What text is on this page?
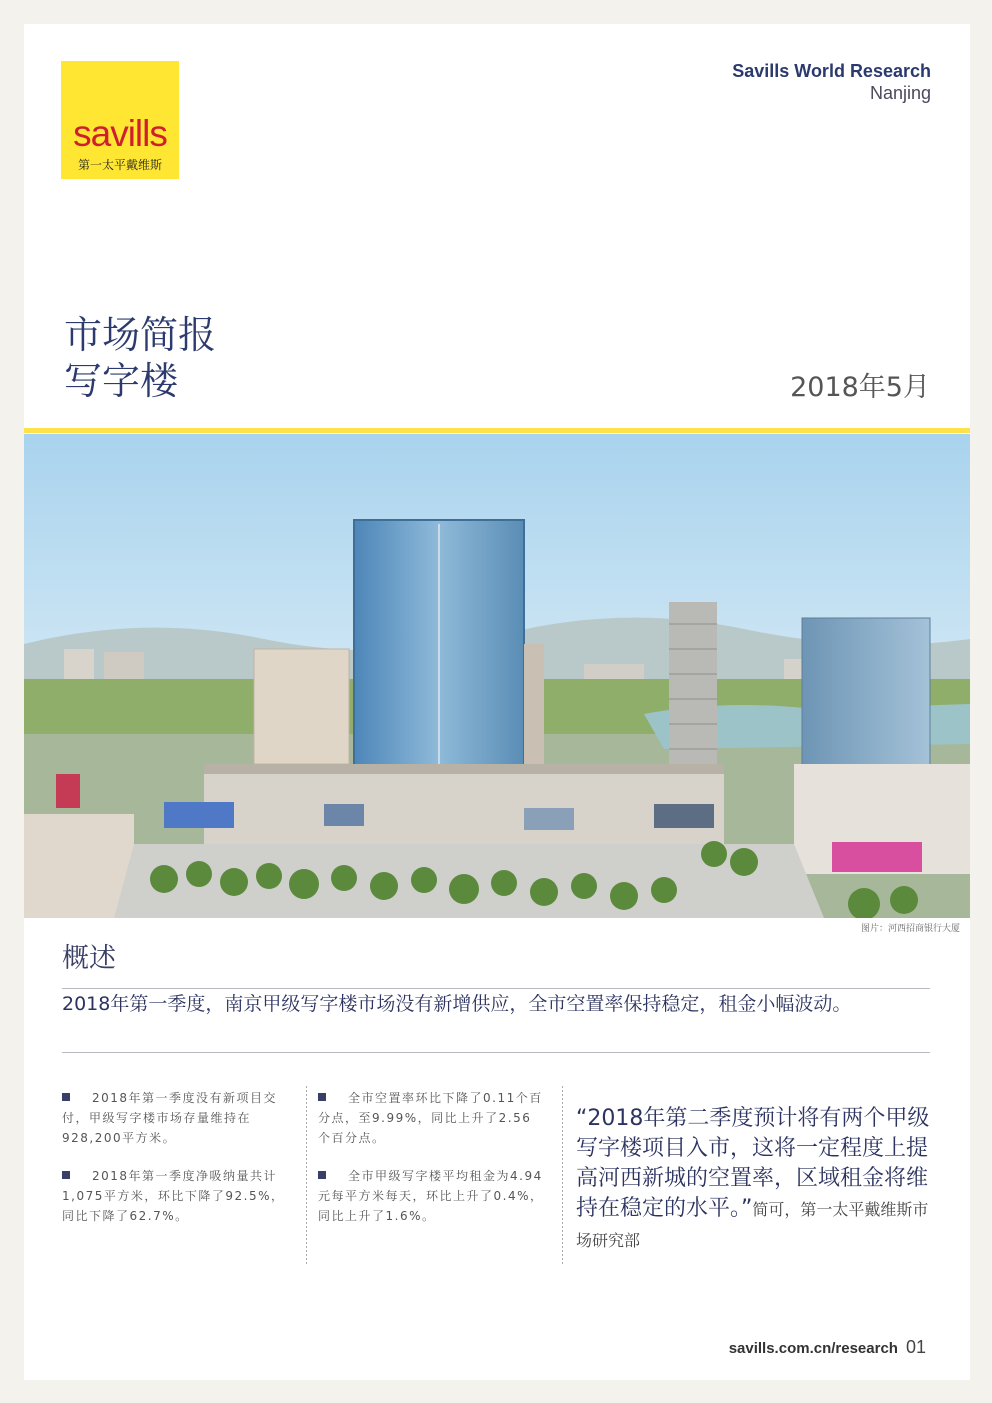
savills
第一太平戴维斯
Savills World Research
Nanjing
市场简报
写字楼	2018年5月
图片：河西招商银行大厦
概述
2018年第一季度，南京甲级写字楼市场没有新增供应，全市空置率保持稳定，租金小幅波动。

2018年第一季度没有新项目交付，甲级写字楼市场存量维持在928,200平方米。

2018年第一季度净吸纳量共计1,075平方米，环比下降了92.5%，同比下降了62.7%。

全市空置率环比下降了0.11个百分点，至9.99%，同比上升了2.56个百分点。

全市甲级写字楼平均租金为4.94元每平方米每天，环比上升了0.4%，同比上升了1.6%。

“2018年第二季度预计将有两个甲级写字楼项目入市，这将一定程度上提高河西新城的空置率，区域租金将维持在稳定的水平。”简可，第一太平戴维斯市场研究部
savills.com.cn/research 01
